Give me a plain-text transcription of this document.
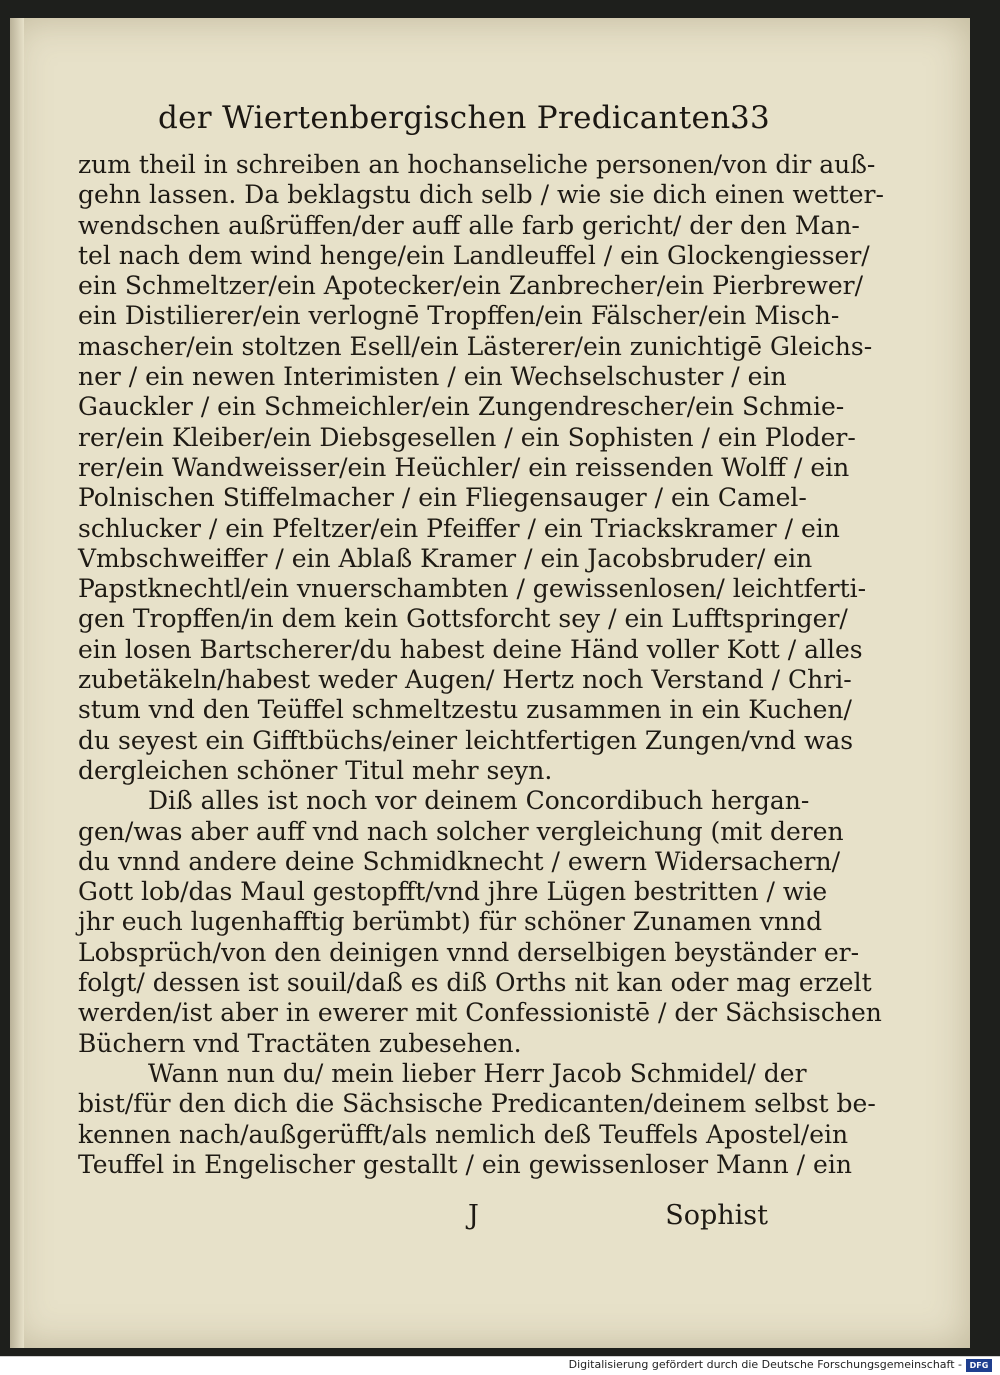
der Wiertenbergischen Predicanten.
33
zum theil in schreiben an hochanseliche personen/von dir auß-
gehn lassen. Da beklagstu dich selb / wie sie dich einen wetter-
wendschen außrüffen/der auff alle farb gericht/ der den Man-
tel nach dem wind henge/ein Landleuffel / ein Glockengiesser/
ein Schmeltzer/ein Apotecker/ein Zanbrecher/ein Pierbrewer/
ein Distilierer/ein verlognē Tropffen/ein Fälscher/ein Misch-
mascher/ein stoltzen Esell/ein Lästerer/ein zunichtigē Gleichs-
ner / ein newen Interimisten / ein Wechselschuster / ein
Gauckler / ein Schmeichler/ein Zungendrescher/ein Schmie-
rer/ein Kleiber/ein Diebsgesellen / ein Sophisten / ein Ploder-
rer/ein Wandweisser/ein Heüchler/ ein reissenden Wolff / ein
Polnischen Stiffelmacher / ein Fliegensauger / ein Camel-
schlucker / ein Pfeltzer/ein Pfeiffer / ein Triackskramer / ein
Vmbschweiffer / ein Ablaß Kramer / ein Jacobsbruder/ ein
Papstknechtl/ein vnuerschambten / gewissenlosen/ leichtferti-
gen Tropffen/in dem kein Gottsforcht sey / ein Lufftspringer/
ein losen Bartscherer/du habest deine Händ voller Kott / alles
zubetäkeln/habest weder Augen/ Hertz noch Verstand / Chri-
stum vnd den Teüffel schmeltzestu zusammen in ein Kuchen/
du seyest ein Gifftbüchs/einer leichtfertigen Zungen/vnd was
dergleichen schöner Titul mehr seyn.
Diß alles ist noch vor deinem Concordibuch hergan-
gen/was aber auff vnd nach solcher vergleichung (mit deren
du vnnd andere deine Schmidknecht / ewern Widersachern/
Gott lob/das Maul gestopfft/vnd jhre Lügen bestritten / wie
jhr euch lugenhafftig berümbt) für schöner Zunamen vnnd
Lobsprüch/von den deinigen vnnd derselbigen beyständer er-
folgt/ dessen ist souil/daß es diß Orths nit kan oder mag erzelt
werden/ist aber in ewerer mit Confessionistē / der Sächsischen
Büchern vnd Tractäten zubesehen.
Wann nun du/ mein lieber Herr Jacob Schmidel/ der
bist/für den dich die Sächsische Predicanten/deinem selbst be-
kennen nach/außgerüfft/als nemlich deß Teuffels Apostel/ein
Teuffel in Engelischer gestallt / ein gewissenloser Mann / ein
J	Sophist
Digitalisierung gefördert durch die Deutsche Forschungsgemeinschaft - DFG
